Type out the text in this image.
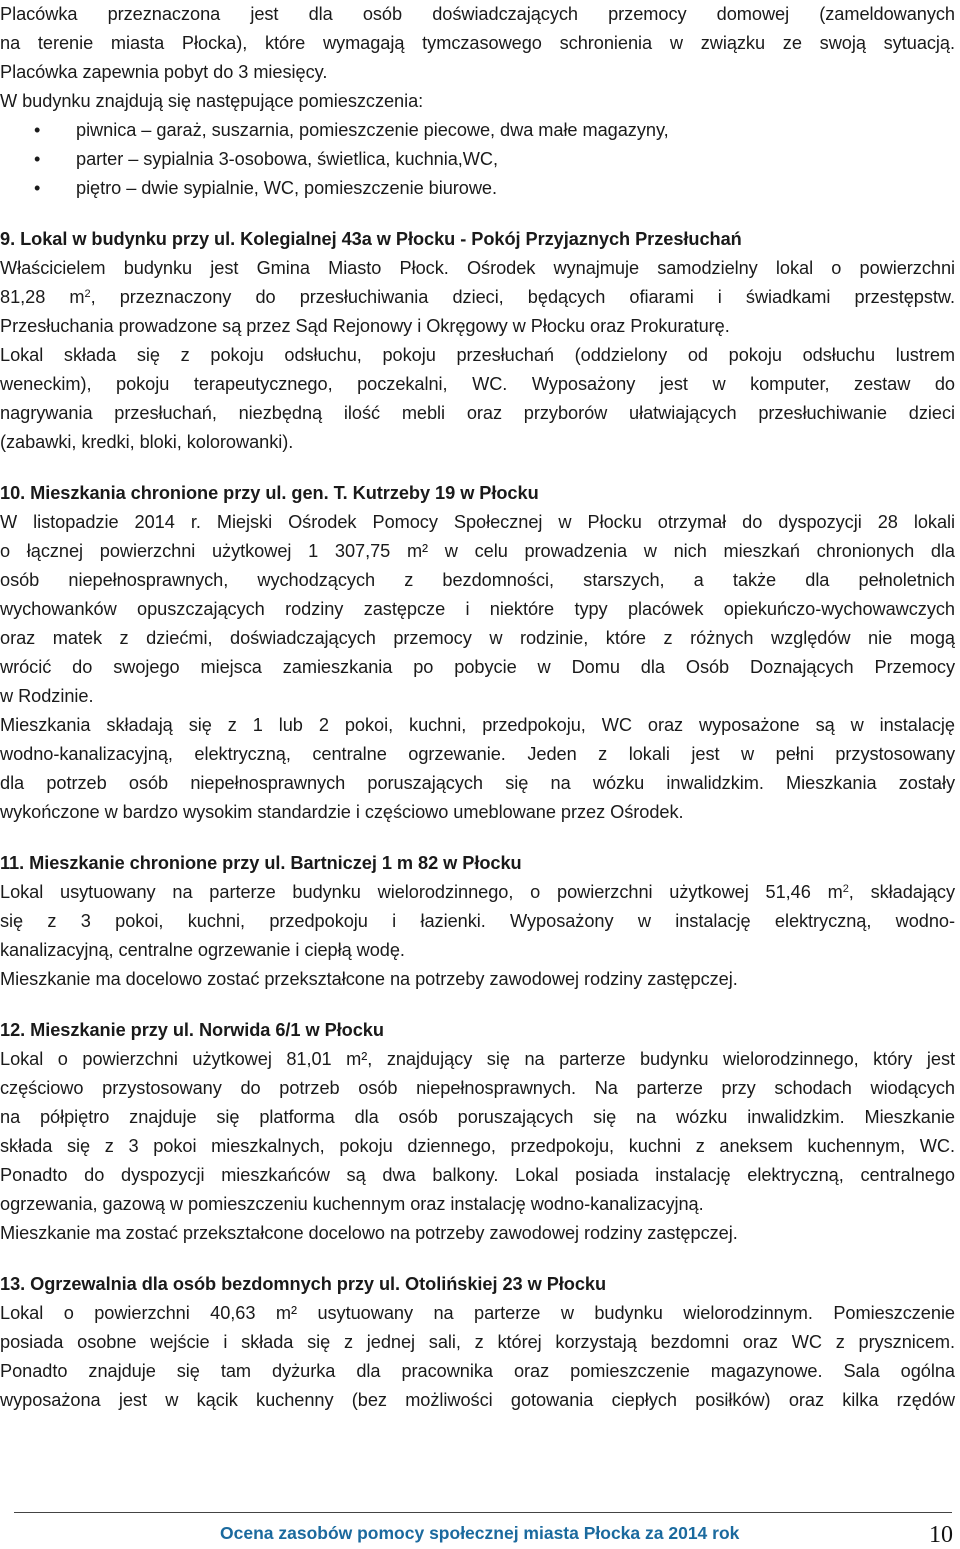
Placówka przeznaczona jest dla osób doświadczających przemocy domowej (zameldowanych
na terenie miasta Płocka), które wymagają tymczasowego schronienia w związku ze swoją sytuacją.
Placówka zapewnia pobyt do 3 miesięcy.
W budynku znajdują się następujące pomieszczenia:
• piwnica – garaż, suszarnia, pomieszczenie piecowe, dwa małe magazyny,
• parter – sypialnia 3-osobowa, świetlica, kuchnia,WC,
• piętro – dwie sypialnie, WC, pomieszczenie biurowe.
9. Lokal w budynku przy ul. Kolegialnej 43a w Płocku - Pokój Przyjaznych Przesłuchań
Właścicielem budynku jest Gmina Miasto Płock. Ośrodek wynajmuje samodzielny lokal o powierzchni
81,28 $m^2$, przeznaczony do przesłuchiwania dzieci, będących ofiarami i świadkami przestępstw.
Przesłuchania prowadzone są przez Sąd Rejonowy i Okręgowy w Płocku oraz Prokuraturę.
Lokal składa się z pokoju odsłuchu, pokoju przesłuchań (oddzielony od pokoju odsłuchu lustrem
weneckim), pokoju terapeutycznego, poczekalni, WC. Wyposażony jest w komputer, zestaw do
nagrywania przesłuchań, niezbędną ilość mebli oraz przyborów ułatwiających przesłuchiwanie dzieci
(zabawki, kredki, bloki, kolorowanki).
10. Mieszkania chronione przy ul. gen. T. Kutrzeby 19 w Płocku
W listopadzie 2014 r. Miejski Ośrodek Pomocy Społecznej w Płocku otrzymał do dyspozycji 28 lokali
o łącznej powierzchni użytkowej 1 307,75 m² w celu prowadzenia w nich mieszkań chronionych dla
osób niepełnosprawnych, wychodzących z bezdomności, starszych, a także dla pełnoletnich
wychowanków opuszczających rodziny zastępcze i niektóre typy placówek opiekuńczo-wychowawczych
oraz matek z dziećmi, doświadczających przemocy w rodzinie, które z różnych względów nie mogą
wrócić do swojego miejsca zamieszkania po pobycie w Domu dla Osób Doznających Przemocy
w Rodzinie.
Mieszkania składają się z 1 lub 2 pokoi, kuchni, przedpokoju, WC oraz wyposażone są w instalację
wodno-kanalizacyjną, elektryczną, centralne ogrzewanie. Jeden z lokali jest w pełni przystosowany
dla potrzeb osób niepełnosprawnych poruszających się na wózku inwalidzkim. Mieszkania zostały
wykończone w bardzo wysokim standardzie i częściowo umeblowane przez Ośrodek.
11. Mieszkanie chronione przy ul. Bartniczej 1 m 82 w Płocku
Lokal usytuowany na parterze budynku wielorodzinnego, o powierzchni użytkowej 51,46 $m^2$, składający
się z 3 pokoi, kuchni, przedpokoju i łazienki. Wyposażony w instalację elektryczną, wodno-
kanalizacyjną, centralne ogrzewanie i ciepłą wodę.
Mieszkanie ma docelowo zostać przekształcone na potrzeby zawodowej rodziny zastępczej.
12. Mieszkanie przy ul. Norwida 6/1 w Płocku
Lokal o powierzchni użytkowej 81,01 m², znajdujący się na parterze budynku wielorodzinnego, który jest
częściowo przystosowany do potrzeb osób niepełnosprawnych. Na parterze przy schodach wiodących
na półpiętro znajduje się platforma dla osób poruszających się na wózku inwalidzkim. Mieszkanie
składa się z 3 pokoi mieszkalnych, pokoju dziennego, przedpokoju, kuchni z aneksem kuchennym, WC.
Ponadto do dyspozycji mieszkańców są dwa balkony. Lokal posiada instalację elektryczną, centralnego
ogrzewania, gazową w pomieszczeniu kuchennym oraz instalację wodno-kanalizacyjną.
Mieszkanie ma zostać przekształcone docelowo na potrzeby zawodowej rodziny zastępczej.
13. Ogrzewalnia dla osób bezdomnych przy ul. Otolińskiej 23 w Płocku
Lokal o powierzchni 40,63 m² usytuowany na parterze w budynku wielorodzinnym. Pomieszczenie
posiada osobne wejście i składa się z jednej sali, z której korzystają bezdomni oraz WC z prysznicem.
Ponadto znajduje się tam dyżurka dla pracownika oraz pomieszczenie magazynowe. Sala ogólna
wyposażona jest w kącik kuchenny (bez możliwości gotowania ciepłych posiłków) oraz kilka rzędów
Ocena zasobów pomocy społecznej miasta Płocka za 2014 rok	10
